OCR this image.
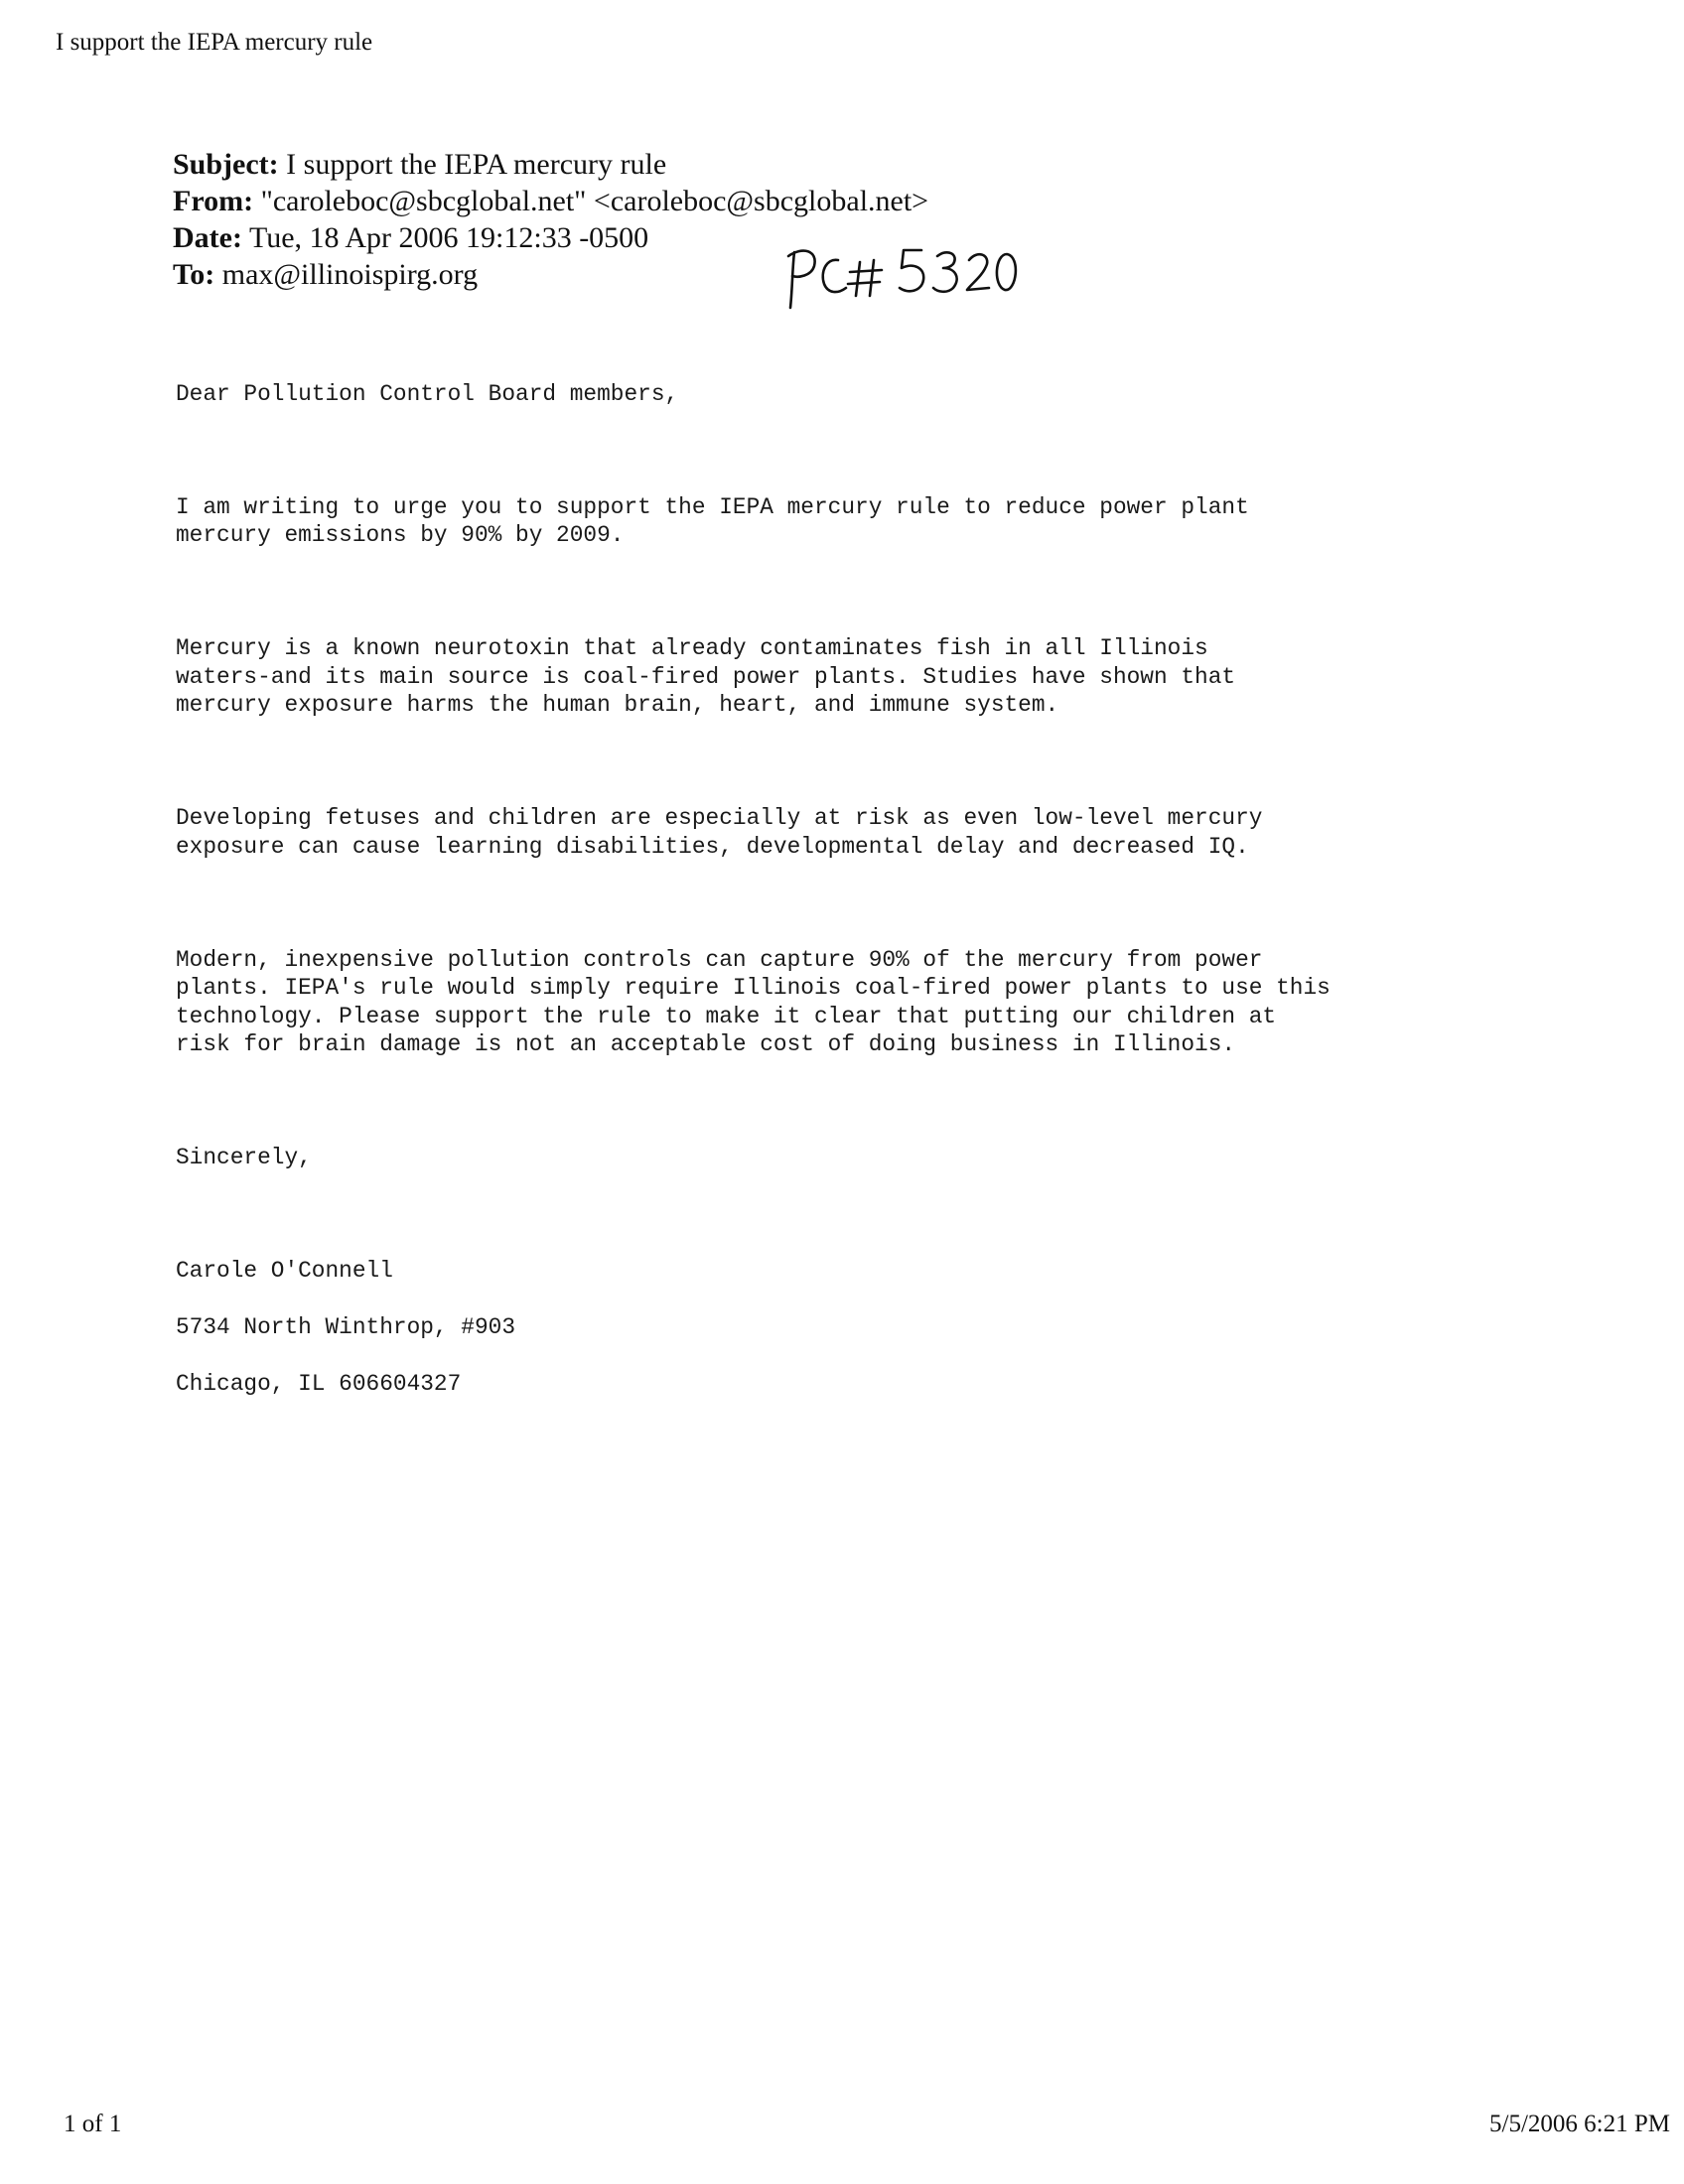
I support the IEPA mercury rule
Subject: I support the IEPA mercury rule
From: "caroleboc@sbcglobal.net" <caroleboc@sbcglobal.net>
Date: Tue, 18 Apr 2006 19:12:33 -0500
To: max@illinoispirg.org

Dear Pollution Control Board members,

I am writing to urge you to support the IEPA mercury rule to reduce power plant
mercury emissions by 90% by 2009.

Mercury is a known neurotoxin that already contaminates fish in all Illinois
waters-and its main source is coal-fired power plants. Studies have shown that
mercury exposure harms the human brain, heart, and immune system.

Developing fetuses and children are especially at risk as even low-level mercury
exposure can cause learning disabilities, developmental delay and decreased IQ.

Modern, inexpensive pollution controls can capture 90% of the mercury from power
plants. IEPA's rule would simply require Illinois coal-fired power plants to use this
technology. Please support the rule to make it clear that putting our children at
risk for brain damage is not an acceptable cost of doing business in Illinois.

Sincerely,

Carole O'Connell

5734 North Winthrop, #903

Chicago, IL 606604327

1 of 1	5/5/2006 6:21 PM
